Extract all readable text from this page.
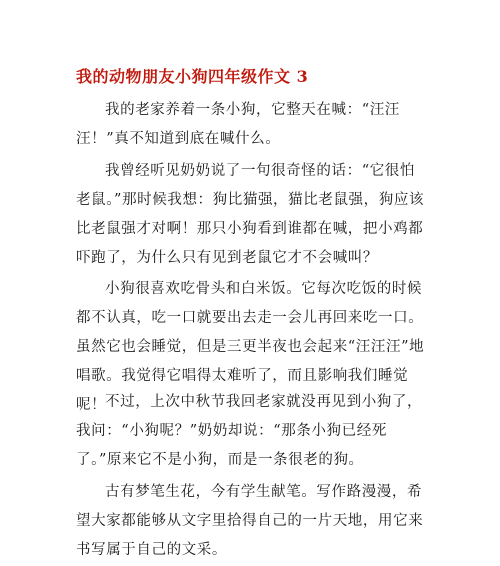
我的动物朋友小狗四年级作文 3

我的老家养着一条小狗，它整天在喊：“汪汪汪！”真不知道到底在喊什么。

我曾经听见奶奶说了一句很奇怪的话：“它很怕老鼠。”那时候我想：狗比猫强，猫比老鼠强，狗应该比老鼠强才对啊！那只小狗看到谁都在喊，把小鸡都吓跑了，为什么只有见到老鼠它才不会喊叫？

小狗很喜欢吃骨头和白米饭。它每次吃饭的时候都不认真，吃一口就要出去走一会儿再回来吃一口。虽然它也会睡觉，但是三更半夜也会起来“汪汪汪”地唱歌。我觉得它唱得太难听了，而且影响我们睡觉呢！

不过，上次中秋节我回老家就没再见到小狗了，我问：“小狗呢？”奶奶却说：“那条小狗已经死了。”原来它不是小狗，而是一条很老的狗。

古有梦笔生花，今有学生献笔。写作路漫漫，希望大家都能够从文字里拾得自己的一片天地，用它来书写属于自己的文采。
